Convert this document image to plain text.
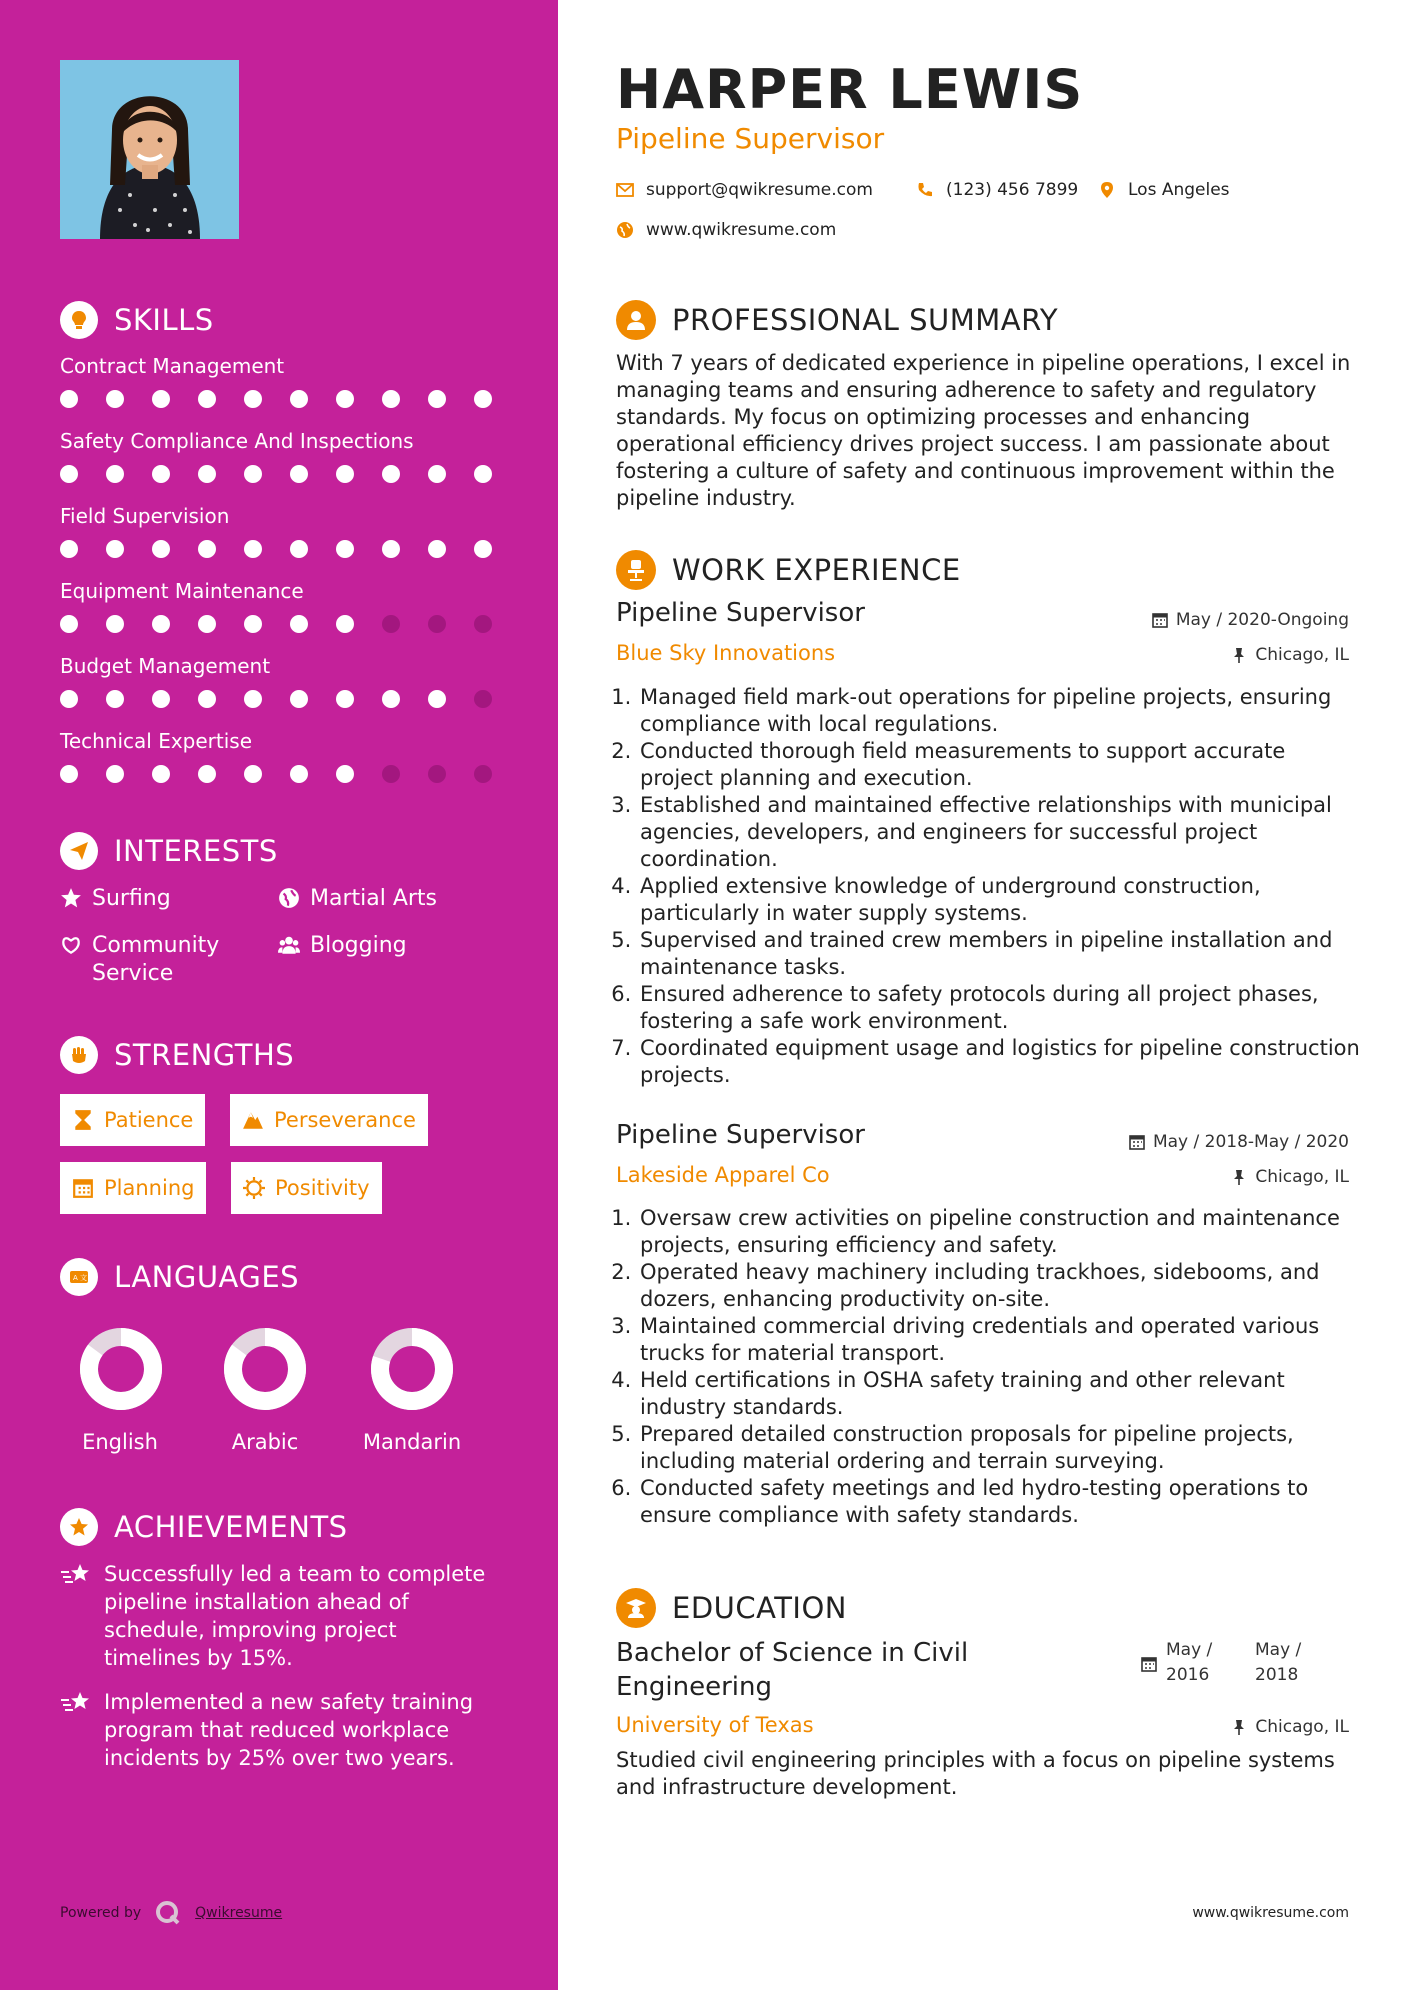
SKILLS
Contract Management
Safety Compliance And Inspections
Field Supervision
Equipment Maintenance
Budget Management
Technical Expertise
INTERESTS
Surfing	Martial Arts
Community Service
Blogging
STRENGTHS
Patience	Perseverance
Planning	Positivity
A 文 LANGUAGES
English	Arabic	Mandarin
ACHIEVEMENTS
Successfully led a team to complete pipeline installation ahead of schedule, improving project timelines by 15%.
Implemented a new safety training program that reduced workplace incidents by 25% over two years.
Powered by	Qwikresume
HARPER LEWIS
Pipeline Supervisor
support@qwikresume.com	(123) 456 7899	Los Angeles
www.qwikresume.com
PROFESSIONAL SUMMARY

With 7 years of dedicated experience in pipeline operations, I excel in managing teams and ensuring adherence to safety and regulatory standards. My focus on optimizing processes and enhancing operational efficiency drives project success. I am passionate about fostering a culture of safety and continuous improvement within the pipeline industry.

WORK EXPERIENCE
Pipeline Supervisor
Blue Sky Innovations
May / 2020-Ongoing
Chicago, IL
1. Managed field mark-out operations for pipeline projects, ensuring compliance with local regulations.
2. Conducted thorough field measurements to support accurate project planning and execution.
3. Established and maintained effective relationships with municipal agencies, developers, and engineers for successful project coordination.
4. Applied extensive knowledge of underground construction, particularly in water supply systems.
5. Supervised and trained crew members in pipeline installation and maintenance tasks.
6. Ensured adherence to safety protocols during all project phases, fostering a safe work environment.
7. Coordinated equipment usage and logistics for pipeline construction projects.
Pipeline Supervisor
Lakeside Apparel Co
May / 2018-May / 2020
Chicago, IL
1. Oversaw crew activities on pipeline construction and maintenance projects, ensuring efficiency and safety.
2. Operated heavy machinery including trackhoes, sidebooms, and dozers, enhancing productivity on-site.
3. Maintained commercial driving credentials and operated various trucks for material transport.
4. Held certifications in OSHA safety training and other relevant industry standards.
5. Prepared detailed construction proposals for pipeline projects, including material ordering and terrain surveying.
6. Conducted safety meetings and led hydro-testing operations to ensure compliance with safety standards.
EDUCATION
Bachelor of Science in Civil Engineering
May / 2016
May / 2018
University of Texas	Chicago, IL

Studied civil engineering principles with a focus on pipeline systems and infrastructure development.

www.qwikresume.com
